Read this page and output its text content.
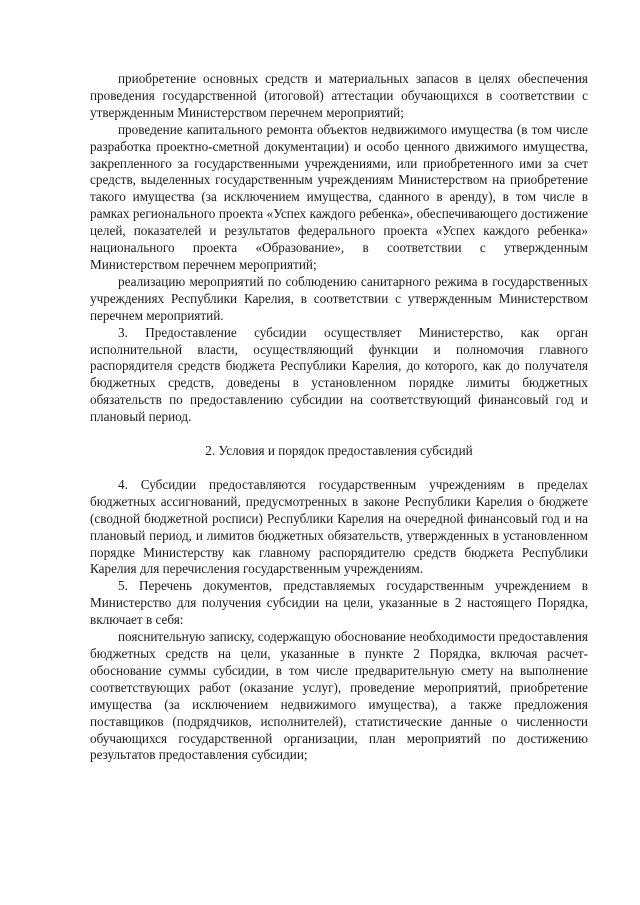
приобретение основных средств и материальных запасов в целях обеспечения проведения государственной (итоговой) аттестации обучающихся в соответствии с утвержденным Министерством перечнем мероприятий;

проведение капитального ремонта объектов недвижимого имущества (в том числе разработка проектно-сметной документации) и особо ценного движимого имущества, закрепленного за государственными учреждениями, или приобретенного ими за счет средств, выделенных государственным учреждениям Министерством на приобретение такого имущества (за исключением имущества, сданного в аренду), в том числе в рамках регионального проекта «Успех каждого ребенка», обеспечивающего достижение целей, показателей и результатов федерального проекта «Успех каждого ребенка» национального проекта «Образование», в соответствии с утвержденным Министерством перечнем мероприятий;

реализацию мероприятий по соблюдению санитарного режима в государственных учреждениях Республики Карелия, в соответствии с утвержденным Министерством перечнем мероприятий.

3. Предоставление субсидии осуществляет Министерство, как орган исполнительной власти, осуществляющий функции и полномочия главного распорядителя средств бюджета Республики Карелия, до которого, как до получателя бюджетных средств, доведены в установленном порядке лимиты бюджетных обязательств по предоставлению субсидии на соответствующий финансовый год и плановый период.

2. Условия и порядок предоставления субсидий

4. Субсидии предоставляются государственным учреждениям в пределах бюджетных ассигнований, предусмотренных в законе Республики Карелия о бюджете (сводной бюджетной росписи) Республики Карелия на очередной финансовый год и на плановый период, и лимитов бюджетных обязательств, утвержденных в установленном порядке Министерству как главному распорядителю средств бюджета Республики Карелия для перечисления государственным учреждениям.

5. Перечень документов, представляемых государственным учреждением в Министерство для получения субсидии на цели, указанные в 2 настоящего Порядка, включает в себя:

пояснительную записку, содержащую обоснование необходимости предоставления бюджетных средств на цели, указанные в пункте 2 Порядка, включая расчет-обоснование суммы субсидии, в том числе предварительную смету на выполнение соответствующих работ (оказание услуг), проведение мероприятий, приобретение имущества (за исключением недвижимого имущества), а также предложения поставщиков (подрядчиков, исполнителей), статистические данные о численности обучающихся государственной организации, план мероприятий по достижению результатов предоставления субсидии;
